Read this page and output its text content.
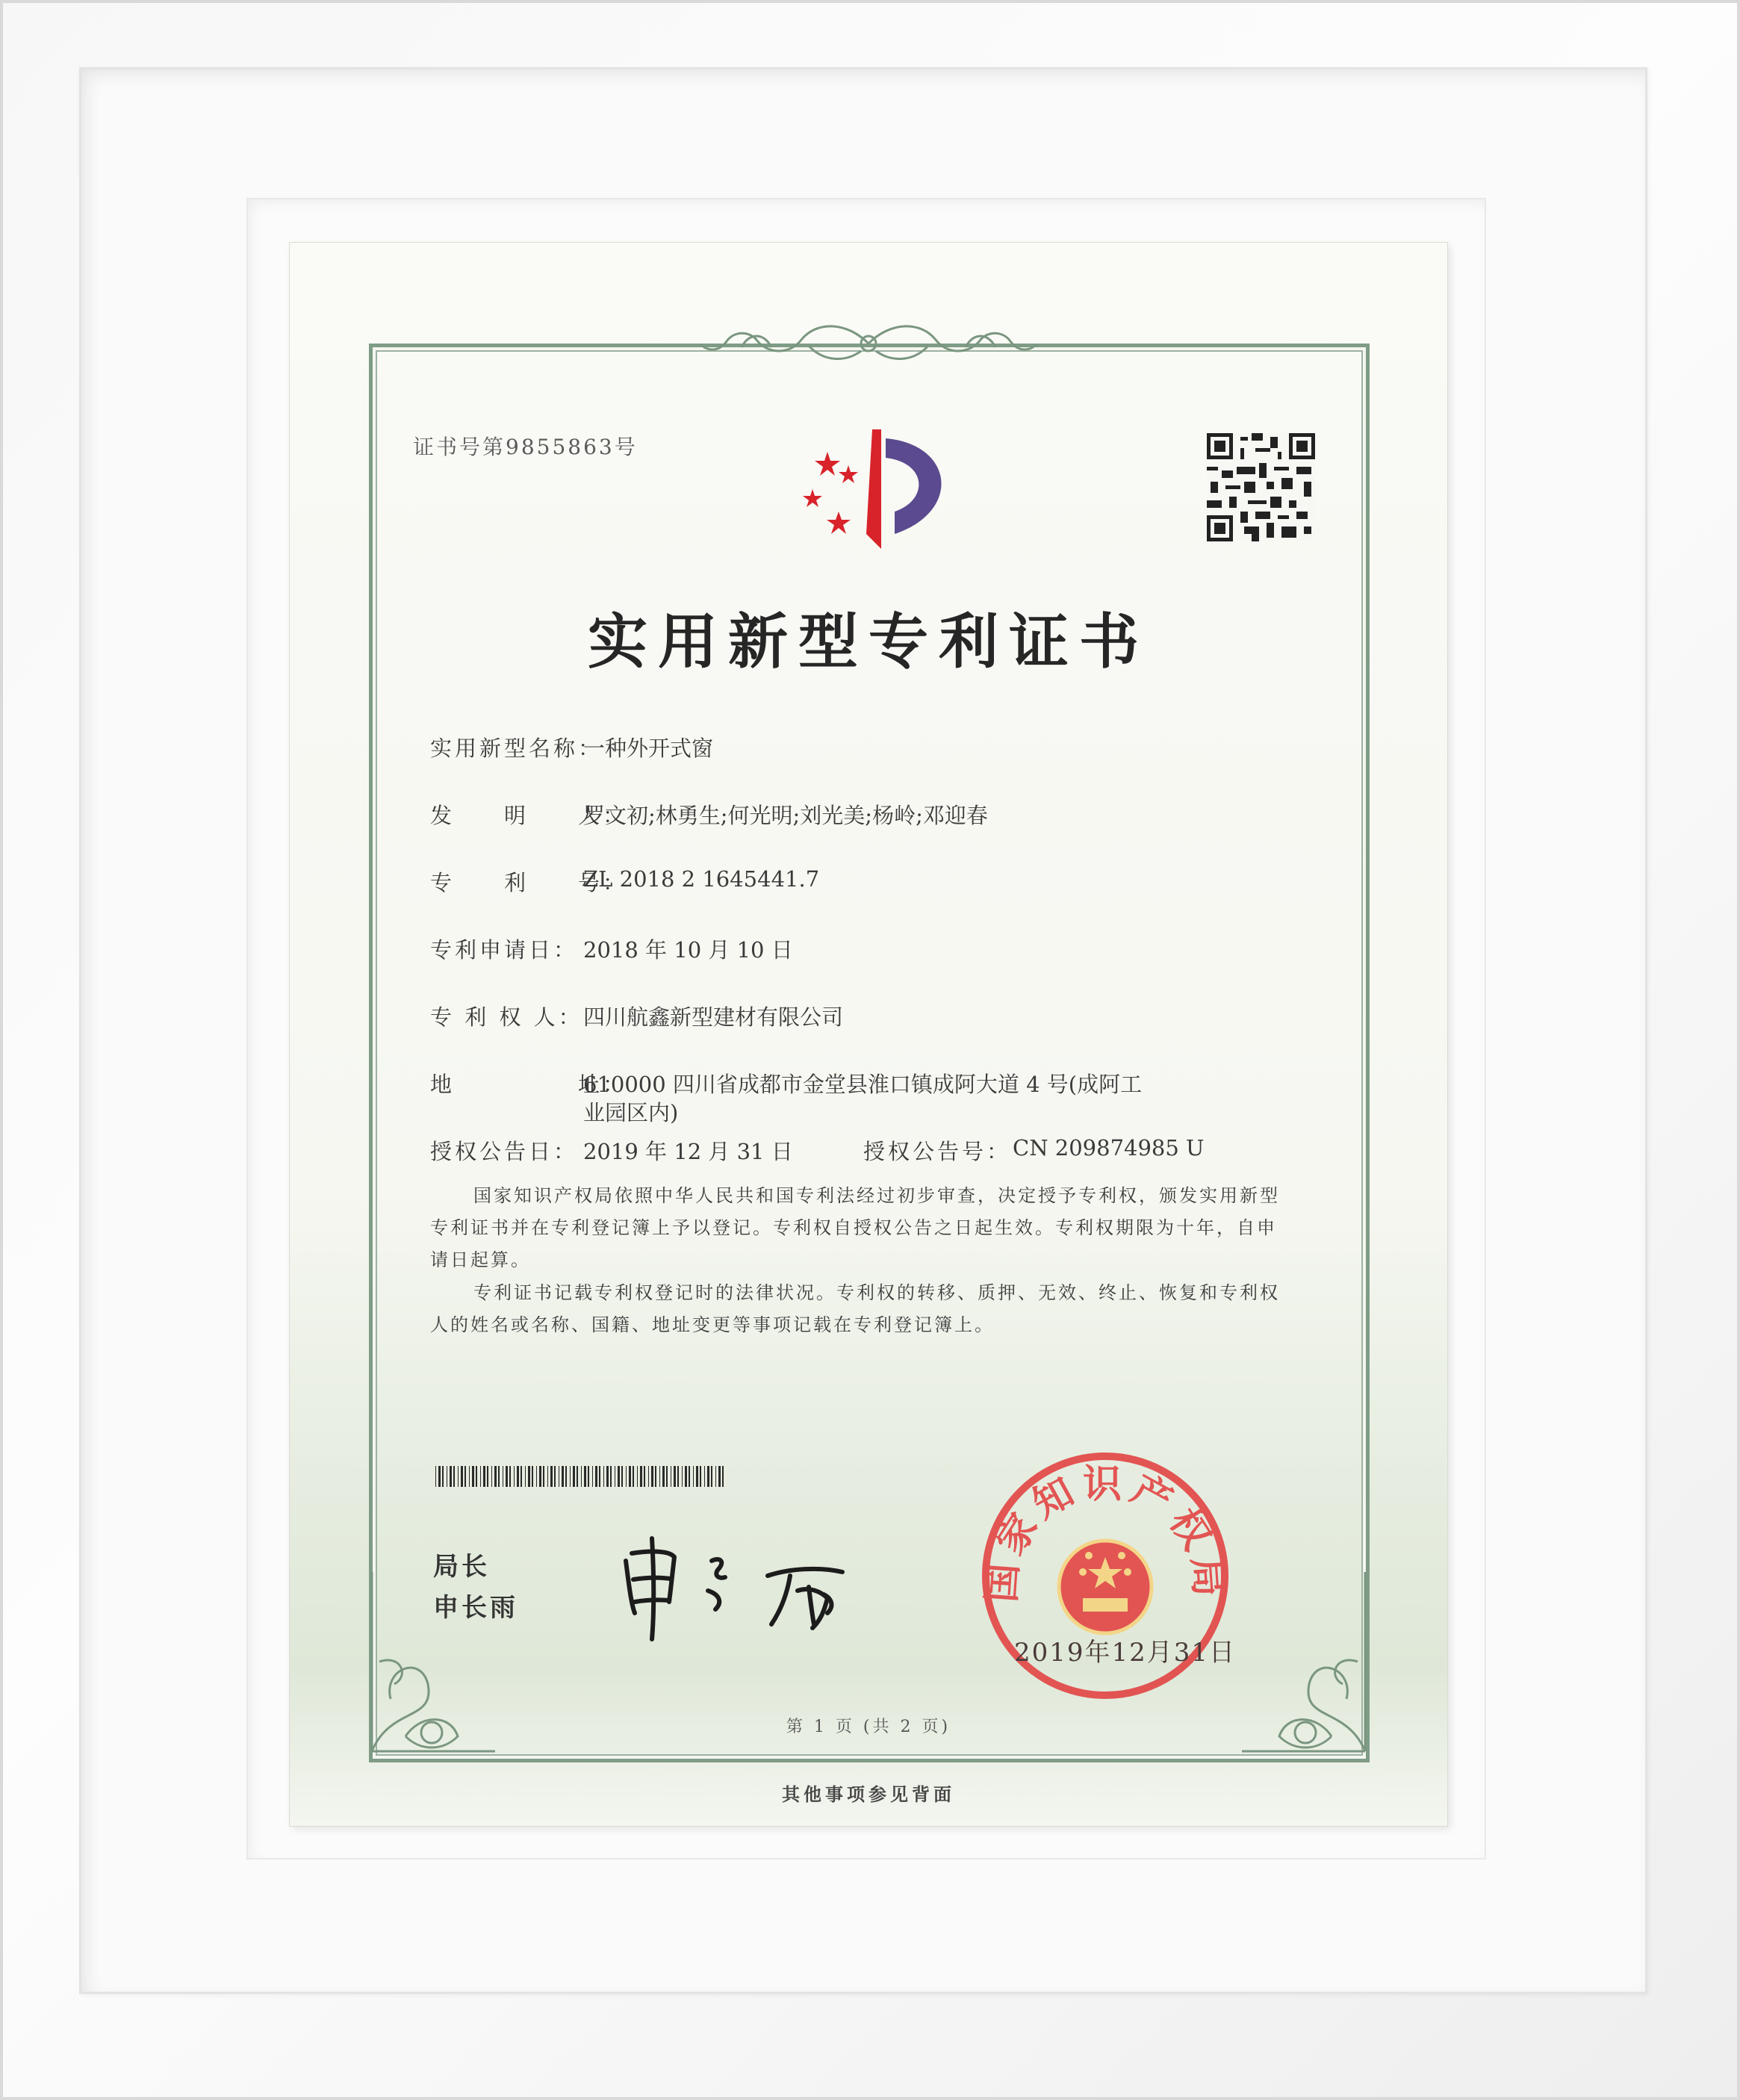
证书号第9855863号
实用新型专利证书
实用新型名称：
一种外开式窗
发　　明　　人：
罗文初;林勇生;何光明;刘光美;杨岭;邓迎春
专　　利　　号：
ZL 2018 2 1645441.7
专利申请日： 2018 年 10 月 10 日
专 利 权 人： 四川航鑫新型建材有限公司
地　　　　　址：
610000 四川省成都市金堂县淮口镇成阿大道 4 号(成阿工
业园区内)
授权公告日： 2019 年 12 月 31 日	授权公告号： CN 209874985 U
国家知识产权局依照中华人民共和国专利法经过初步审查，决定授予专利权，颁发实用新型专利证书并在专利登记簿上予以登记。专利权自授权公告之日起生效。专利权期限为十年，自申请日起算。
专利证书记载专利权登记时的法律状况。专利权的转移、质押、无效、终止、恢复和专利权人的姓名或名称、国籍、地址变更等事项记载在专利登记簿上。
局长
申长雨
国家知识产权局
2019年12月31日
第 1 页 (共 2 页)
其他事项参见背面
